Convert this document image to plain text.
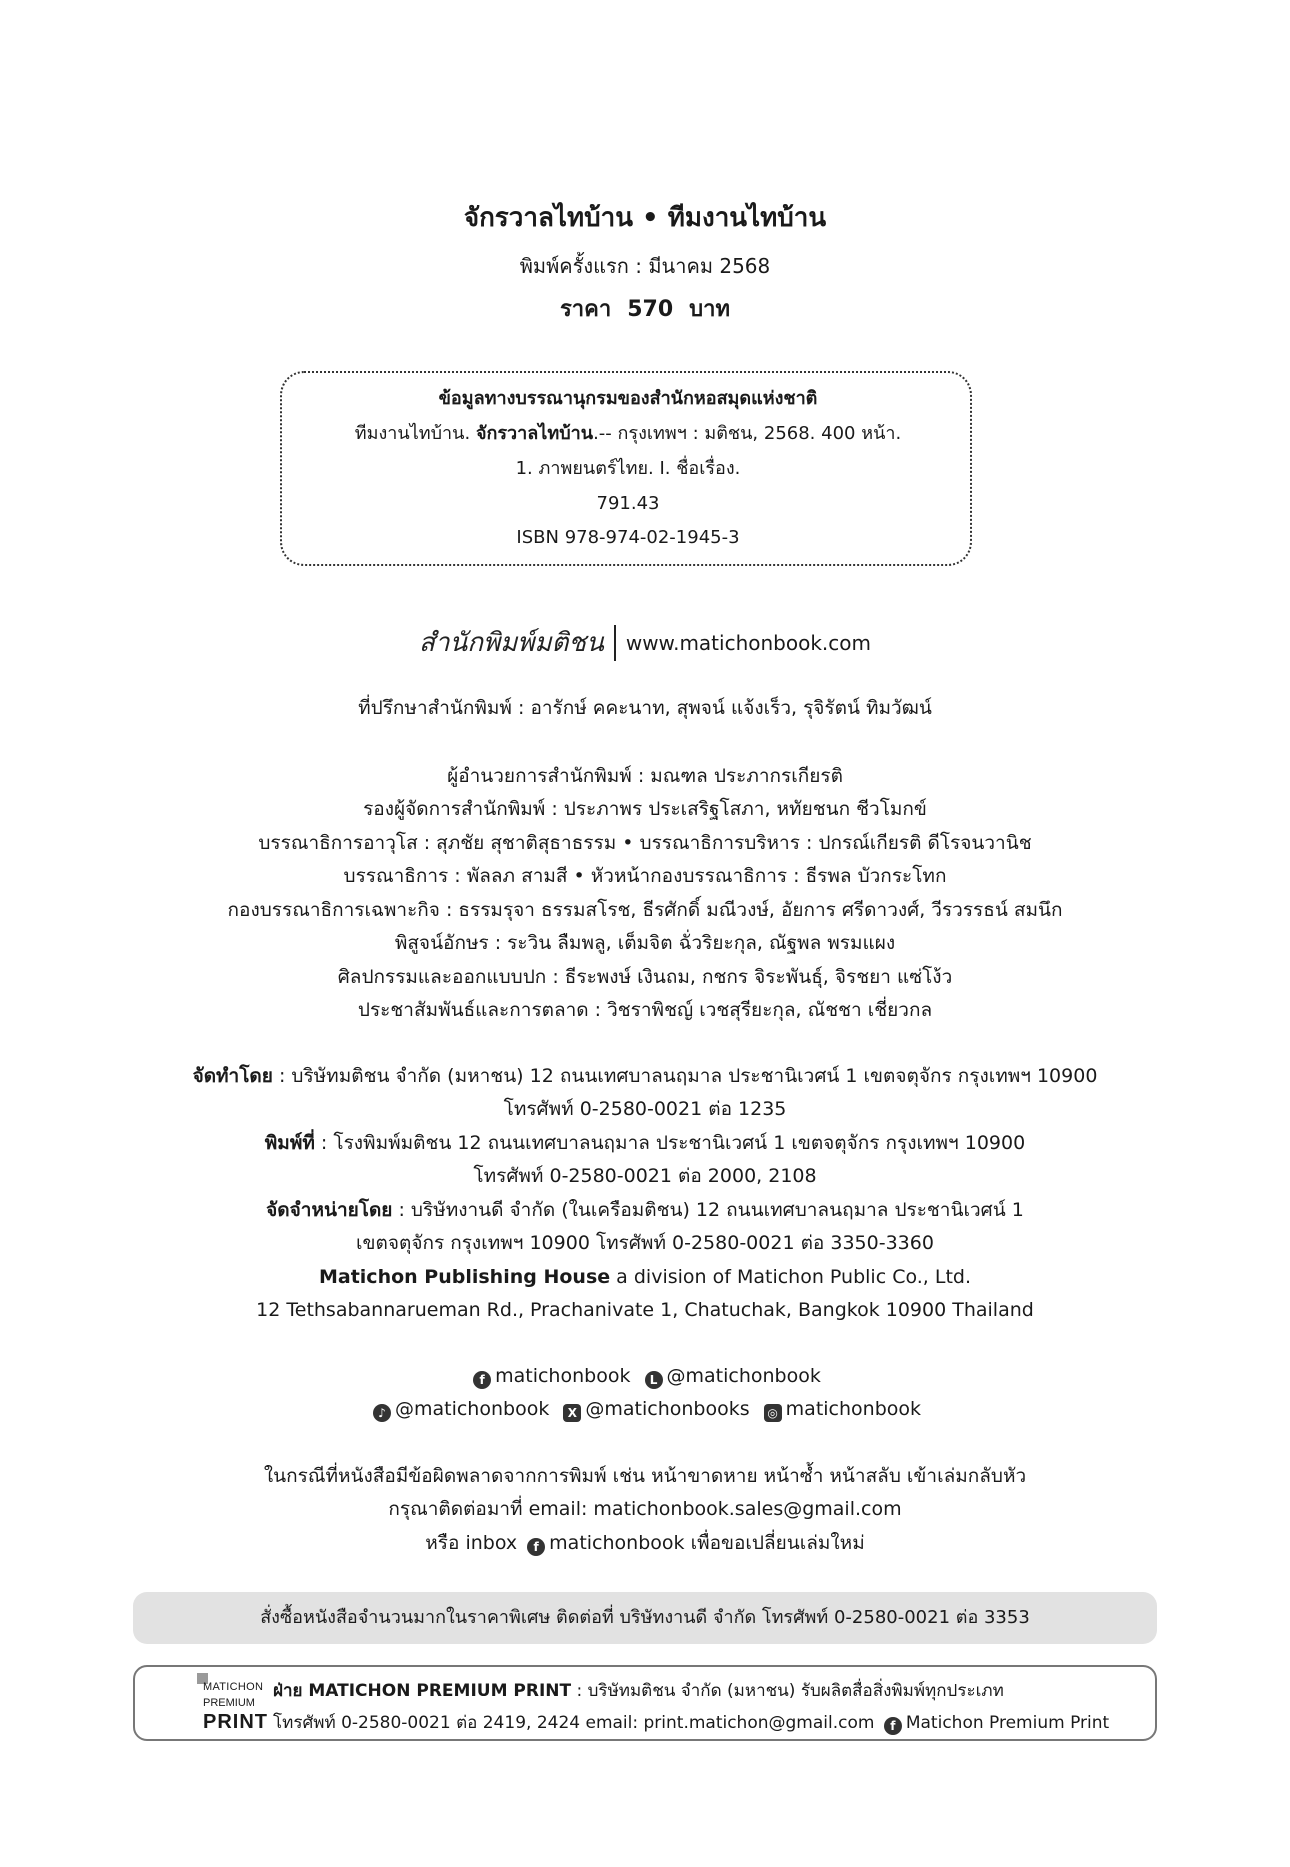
จักรวาลไทบ้าน • ทีมงานไทบ้าน
พิมพ์ครั้งแรก : มีนาคม 2568
ราคา 570 บาท
ข้อมูลทางบรรณานุกรมของสำนักหอสมุดแห่งชาติ
ทีมงานไทบ้าน. จักรวาลไทบ้าน.-- กรุงเทพฯ : มติชน, 2568. 400 หน้า.
1. ภาพยนตร์ไทย. I. ชื่อเรื่อง.
791.43
ISBN 978-974-02-1945-3
สำนักพิมพ์มติชน	www.matichonbook.com
ที่ปรึกษาสำนักพิมพ์ : อารักษ์ คคะนาท, สุพจน์ แจ้งเร็ว, รุจิรัตน์ ทิมวัฒน์
ผู้อำนวยการสำนักพิมพ์ : มณฑล ประภากรเกียรติ
รองผู้จัดการสำนักพิมพ์ : ประภาพร ประเสริฐโสภา, หทัยชนก ชีวโมกข์
บรรณาธิการอาวุโส : สุภชัย สุชาติสุธาธรรม • บรรณาธิการบริหาร : ปกรณ์เกียรติ ดีโรจนวานิช
บรรณาธิการ : พัลลภ สามสี • หัวหน้ากองบรรณาธิการ : ธีรพล บัวกระโทก
กองบรรณาธิการเฉพาะกิจ : ธรรมรุจา ธรรมสโรช, ธีรศักดิ์ มณีวงษ์, อัยการ ศรีดาวงศ์, วีรวรรธน์ สมนึก
พิสูจน์อักษร : ระวิน ลืมพลู, เต็มจิต ฉั่วริยะกุล, ณัฐพล พรมแผง
ศิลปกรรมและออกแบบปก : ธีระพงษ์ เงินถม, กชกร จิระพันธุ์, จิรชยา แซ่โง้ว
ประชาสัมพันธ์และการตลาด : วิชราพิชญ์ เวชสุรียะกุล, ณัชชา เชี่ยวกล
จัดทำโดย : บริษัทมติชน จำกัด (มหาชน) 12 ถนนเทศบาลนฤมาล ประชานิเวศน์ 1 เขตจตุจักร กรุงเทพฯ 10900
โทรศัพท์ 0-2580-0021 ต่อ 1235
พิมพ์ที่ : โรงพิมพ์มติชน 12 ถนนเทศบาลนฤมาล ประชานิเวศน์ 1 เขตจตุจักร กรุงเทพฯ 10900
โทรศัพท์ 0-2580-0021 ต่อ 2000, 2108
จัดจำหน่ายโดย : บริษัทงานดี จำกัด (ในเครือมติชน) 12 ถนนเทศบาลนฤมาล ประชานิเวศน์ 1
เขตจตุจักร กรุงเทพฯ 10900 โทรศัพท์ 0-2580-0021 ต่อ 3350-3360
Matichon Publishing House a division of Matichon Public Co., Ltd.
12 Tethsabannarueman Rd., Prachanivate 1, Chatuchak, Bangkok 10900 Thailand
f matichonbook L @matichonbook
♪ @matichonbook X @matichonbooks ◎ matichonbook
ในกรณีที่หนังสือมีข้อผิดพลาดจากการพิมพ์ เช่น หน้าขาดหาย หน้าซ้ำ หน้าสลับ เข้าเล่มกลับหัว
กรุณาติดต่อมาที่ email: matichonbook.sales@gmail.com
หรือ inbox f matichonbook เพื่อขอเปลี่ยนเล่มใหม่
สั่งซื้อหนังสือจำนวนมากในราคาพิเศษ ติดต่อที่ บริษัทงานดี จำกัด โทรศัพท์ 0-2580-0021 ต่อ 3353
MATICHON
PREMIUM
PRINT
ฝ่าย MATICHON PREMIUM PRINT : บริษัทมติชน จำกัด (มหาชน) รับผลิตสื่อสิ่งพิมพ์ทุกประเภท
โทรศัพท์ 0-2580-0021 ต่อ 2419, 2424 email: print.matichon@gmail.com f Matichon Premium Print
